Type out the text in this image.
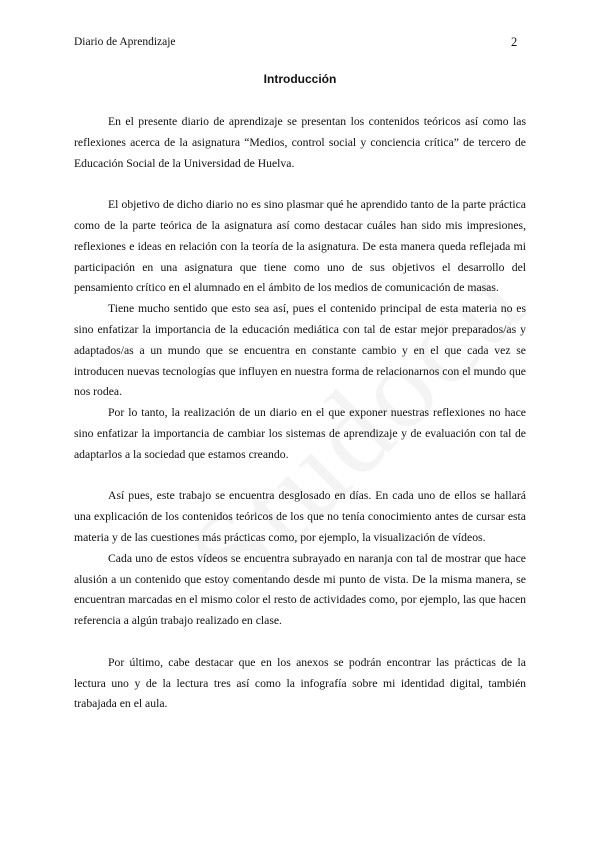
Diario de Aprendizaje	2
Introducción

En el presente diario de aprendizaje se presentan los contenidos teóricos así como las reflexiones acerca de la asignatura “Medios, control social y conciencia crítica” de tercero de Educación Social de la Universidad de Huelva.

El objetivo de dicho diario no es sino plasmar qué he aprendido tanto de la parte práctica como de la parte teórica de la asignatura así como destacar cuáles han sido mis impresiones, reflexiones e ideas en relación con la teoría de la asignatura. De esta manera queda reflejada mi participación en una asignatura que tiene como uno de sus objetivos el desarrollo del pensamiento crítico en el alumnado en el ámbito de los medios de comunicación de masas.

Tiene mucho sentido que esto sea así, pues el contenido principal de esta materia no es sino enfatizar la importancia de la educación mediática con tal de estar mejor preparados/as y adaptados/as a un mundo que se encuentra en constante cambio y en el que cada vez se introducen nuevas tecnologías que influyen en nuestra forma de relacionarnos con el mundo que nos rodea.

Por lo tanto, la realización de un diario en el que exponer nuestras reflexiones no hace sino enfatizar la importancia de cambiar los sistemas de aprendizaje y de evaluación con tal de adaptarlos a la sociedad que estamos creando.

Así pues, este trabajo se encuentra desglosado en días. En cada uno de ellos se hallará una explicación de los contenidos teóricos de los que no tenía conocimiento antes de cursar esta materia y de las cuestiones más prácticas como, por ejemplo, la visualización de vídeos.

Cada uno de estos vídeos se encuentra subrayado en naranja con tal de mostrar que hace alusión a un contenido que estoy comentando desde mi punto de vista. De la misma manera, se encuentran marcadas en el mismo color el resto de actividades como, por ejemplo, las que hacen referencia a algún trabajo realizado en clase.

Por último, cabe destacar que en los anexos se podrán encontrar las prácticas de la lectura uno y de la lectura tres así como la infografía sobre mi identidad digital, también trabajada en el aula.
